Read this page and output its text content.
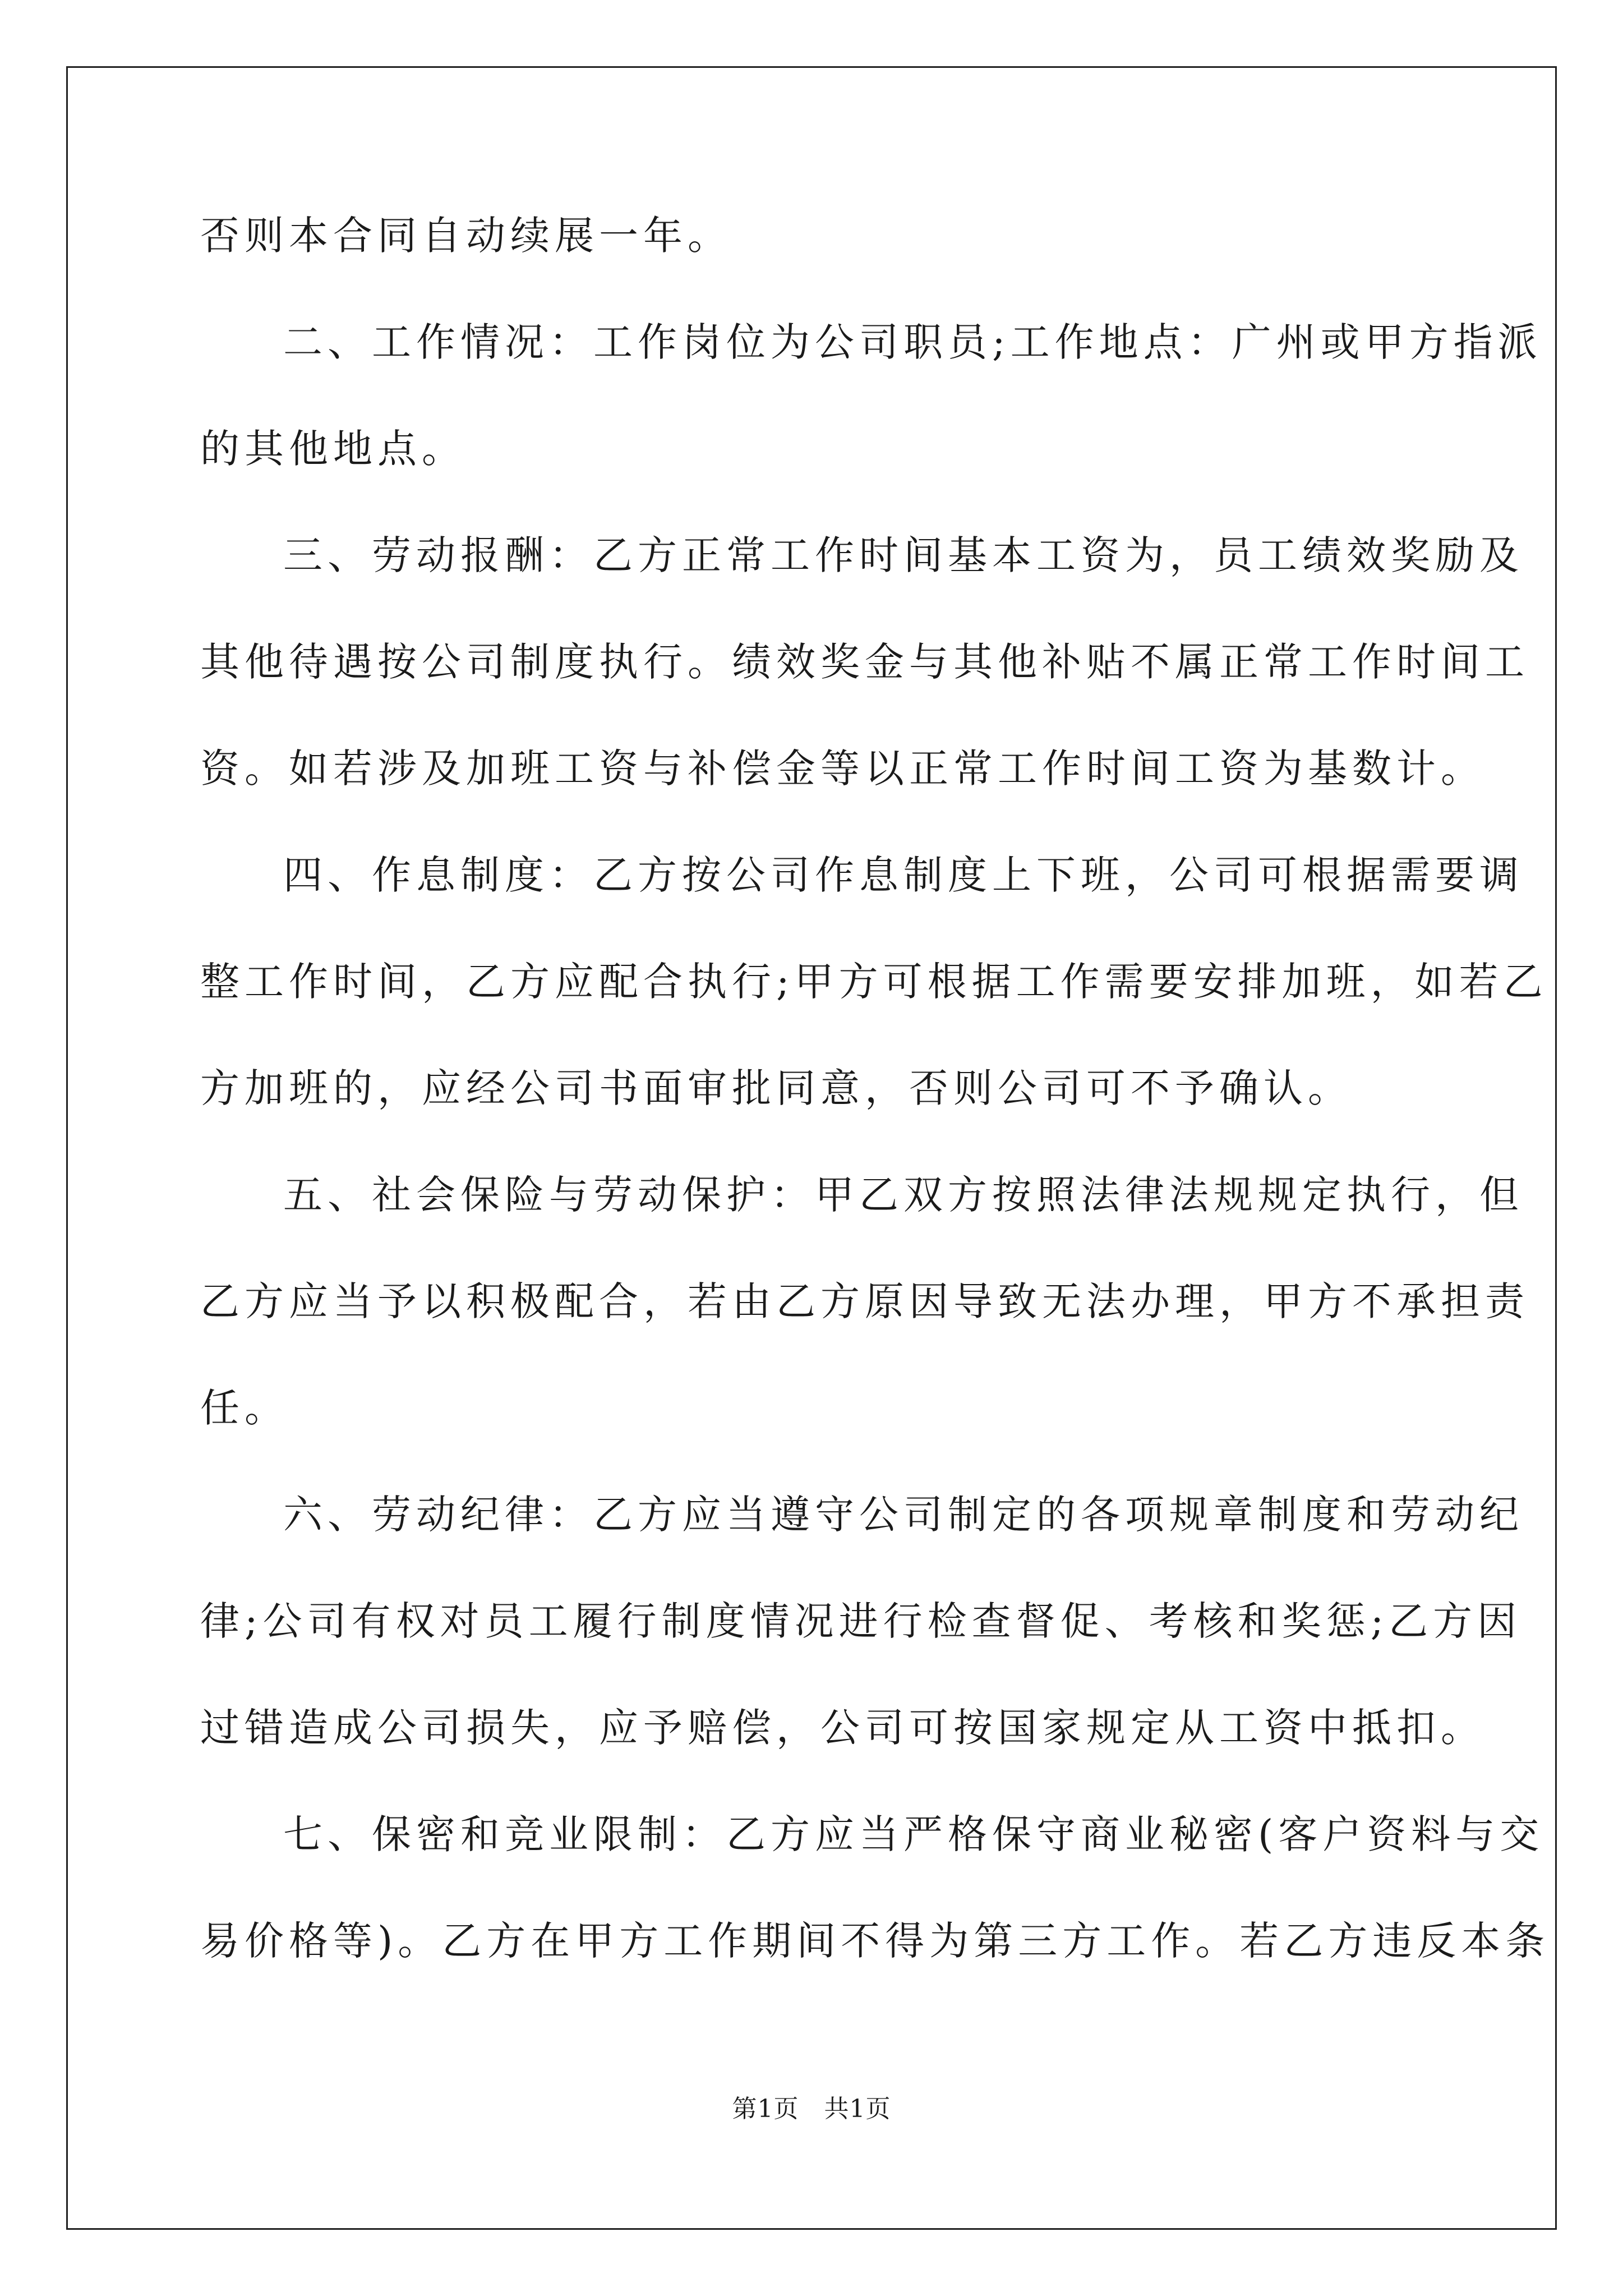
否则本合同自动续展一年。
二、工作情况：工作岗位为公司职员;工作地点：广州或甲方指派
的其他地点。
三、劳动报酬：乙方正常工作时间基本工资为，员工绩效奖励及
其他待遇按公司制度执行。绩效奖金与其他补贴不属正常工作时间工
资。如若涉及加班工资与补偿金等以正常工作时间工资为基数计。
四、作息制度：乙方按公司作息制度上下班，公司可根据需要调
整工作时间，乙方应配合执行;甲方可根据工作需要安排加班，如若乙
方加班的，应经公司书面审批同意，否则公司可不予确认。
五、社会保险与劳动保护：甲乙双方按照法律法规规定执行，但
乙方应当予以积极配合，若由乙方原因导致无法办理，甲方不承担责
任。
六、劳动纪律：乙方应当遵守公司制定的各项规章制度和劳动纪
律;公司有权对员工履行制度情况进行检查督促、考核和奖惩;乙方因
过错造成公司损失，应予赔偿，公司可按国家规定从工资中抵扣。
七、保密和竞业限制：乙方应当严格保守商业秘密(客户资料与交
易价格等)。乙方在甲方工作期间不得为第三方工作。若乙方违反本条
第1页   共1页
